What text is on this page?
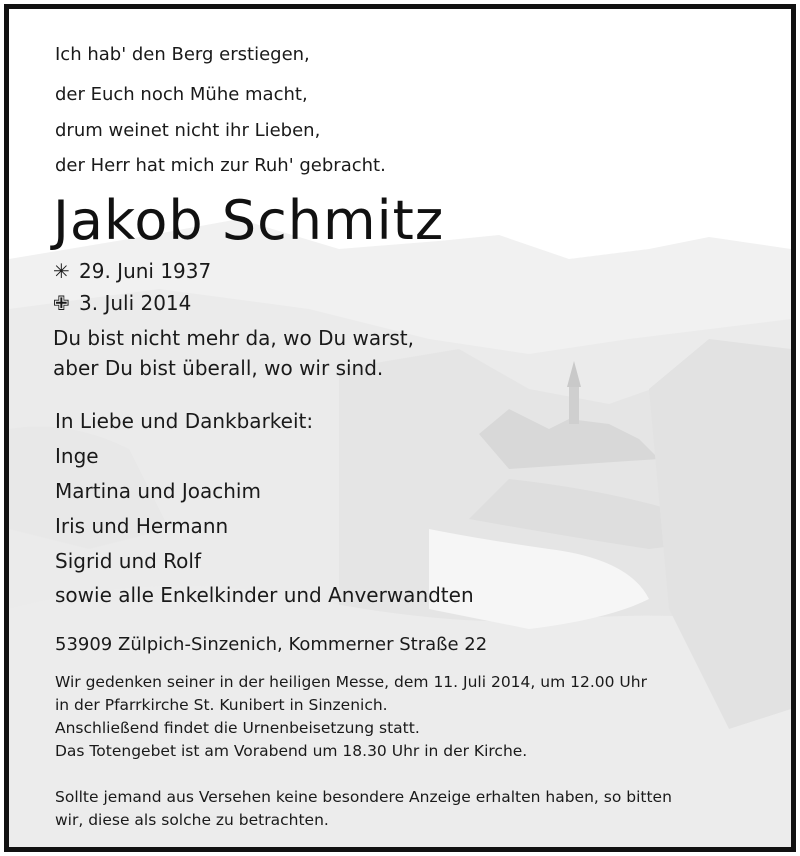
Ich hab' den Berg erstiegen,
der Euch noch Mühe macht,
drum weinet nicht ihr Lieben,
der Herr hat mich zur Ruh' gebracht.
Jakob Schmitz
✳ 29. Juni 1937
✙ 3. Juli 2014
Du bist nicht mehr da, wo Du warst,
aber Du bist überall, wo wir sind.
In Liebe und Dankbarkeit:
Inge
Martina und Joachim
Iris und Hermann
Sigrid und Rolf
sowie alle Enkelkinder und Anverwandten
53909 Zülpich-Sinzenich, Kommerner Straße 22
Wir gedenken seiner in der heiligen Messe, dem 11. Juli 2014, um 12.00 Uhr
in der Pfarrkirche St. Kunibert in Sinzenich.
Anschließend findet die Urnenbeisetzung statt.
Das Totengebet ist am Vorabend um 18.30 Uhr in der Kirche.
Sollte jemand aus Versehen keine besondere Anzeige erhalten haben, so bitten
wir, diese als solche zu betrachten.
